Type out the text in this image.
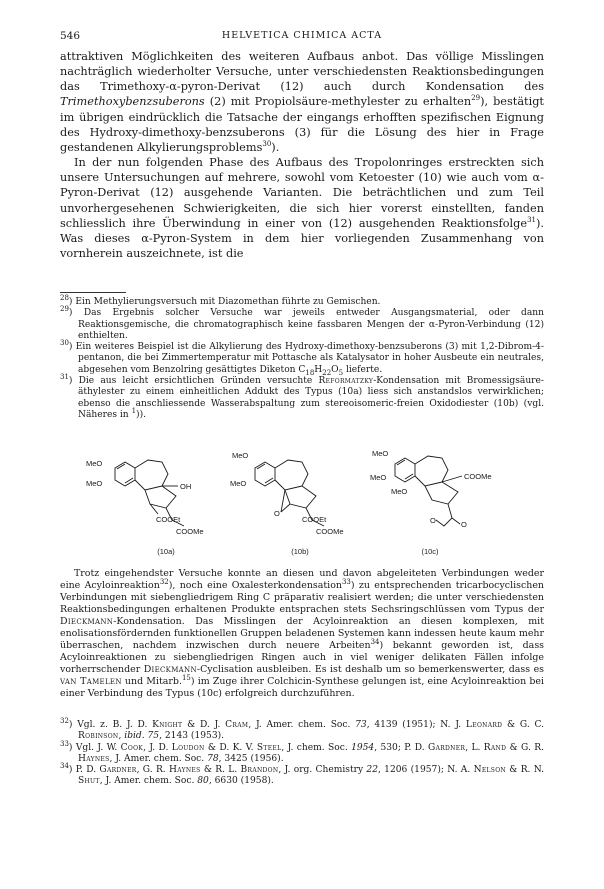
546	HELVETICA CHIMICA ACTA

attraktiven Möglichkeiten des weiteren Aufbaus anbot. Das völlige Misslingen nachträglich wiederholter Versuche, unter verschiedensten Reaktionsbedingungen das Trimethoxy-α-pyron-Derivat (12) auch durch Kondensation des Trimethoxybenzsuberons (2) mit Propiolsäure-methylester zu erhalten$^{29}$), bestätigt im übrigen eindrücklich die Tatsache der eingangs erhofften spezifischen Eignung des Hydroxy-dimethoxy-benzsuberons (3) für die Lösung des hier in Frage gestandenen Alkylierungsproblems$^{30}$).

In der nun folgenden Phase des Aufbaus des Tropolonringes erstreckten sich unsere Untersuchungen auf mehrere, sowohl vom Ketoester (10) wie auch vom α-Pyron-Derivat (12) ausgehende Varianten. Die beträchtlichen und zum Teil unvorhergesehenen Schwierigkeiten, die sich hier vorerst einstellten, fanden schliesslich ihre Überwindung in einer von (12) ausgehenden Reaktionsfolge$^{31}$). Was dieses α-Pyron-System in dem hier vorliegenden Zusammenhang von vornherein auszeichnete, ist die

$^{28}$) Ein Methylierungsversuch mit Diazomethan führte zu Gemischen.

$^{29}$) Das Ergebnis solcher Versuche war jeweils entweder Ausgangsmaterial, oder dann Reaktionsgemische, die chromatographisch keine fassbaren Mengen der α-Pyron-Verbindung (12) enthielten.

$^{30}$) Ein weiteres Beispiel ist die Alkylierung des Hydroxy-dimethoxy-benzsuberons (3) mit 1,2-Dibrom-4-pentanon, die bei Zimmertemperatur mit Pottasche als Katalysator in hoher Ausbeute ein neutrales, abgesehen vom Benzolring gesättigtes Diketon $C_{18}H_{22}O_5$ lieferte.

$^{31}$) Die aus leicht ersichtlichen Gründen versuchte Reformatzky-Kondensation mit Bromessigsäure-äthylester zu einem einheitlichen Addukt des Typus (10a) liess sich anstandslos verwirklichen; ebenso die anschliessende Wasserabspaltung zum stereoisomeric-freien Oxidodiester (10b) (vgl. Näheres in $^1$)).

MeO
MeO	OH
COOEt
COOMe
MeO
MeO
O
COOEt
COOMe
MeO
MeO
MeO
COOMe
O
O
(10a)	(10b)	(10c)

Trotz eingehendster Versuche konnte an diesen und davon abgeleiteten Verbindungen weder eine Acyloinreaktion$^{32}$), noch eine Oxalesterkondensation$^{33}$) zu entsprechenden tricarbocyclischen Verbindungen mit siebengliedrigem Ring C präparativ realisiert werden; die unter verschiedensten Reaktionsbedingungen erhaltenen Produkte entsprachen stets Sechsringschlüssen vom Typus der Dieckmann-Kondensation. Das Misslingen der Acyloinreaktion an diesen komplexen, mit enolisationsfördernden funktionellen Gruppen beladenen Systemen kann indessen heute kaum mehr überraschen, nachdem inzwischen durch neuere Arbeiten$^{34}$) bekannt geworden ist, dass Acyloinreaktionen zu siebengliedrigen Ringen auch in viel weniger delikaten Fällen infolge vorherrschender Dieckmann-Cyclisation ausbleiben. Es ist deshalb um so bemerkenswerter, dass es van Tamelen und Mitarb.$^{15}$) im Zuge ihrer Colchicin-Synthese gelungen ist, eine Acyloinreaktion bei einer Verbindung des Typus (10c) erfolgreich durchzuführen.

$^{32}$) Vgl. z. B. J. D. Knight & D. J. Cram, J. Amer. chem. Soc. 73, 4139 (1951); N. J. Leonard & G. C. Robinson, ibid. 75, 2143 (1953).

$^{33}$) Vgl. J. W. Cook, J. D. Loudon & D. K. V. Steel, J. chem. Soc. 1954, 530; P. D. Gardner, L. Rand & G. R. Haynes, J. Amer. chem. Soc. 78, 3425 (1956).

$^{34}$) P. D. Gardner, G. R. Haynes & R. L. Brandon, J. org. Chemistry 22, 1206 (1957); N. A. Nelson & R. N. Shut, J. Amer. chem. Soc. 80, 6630 (1958).
